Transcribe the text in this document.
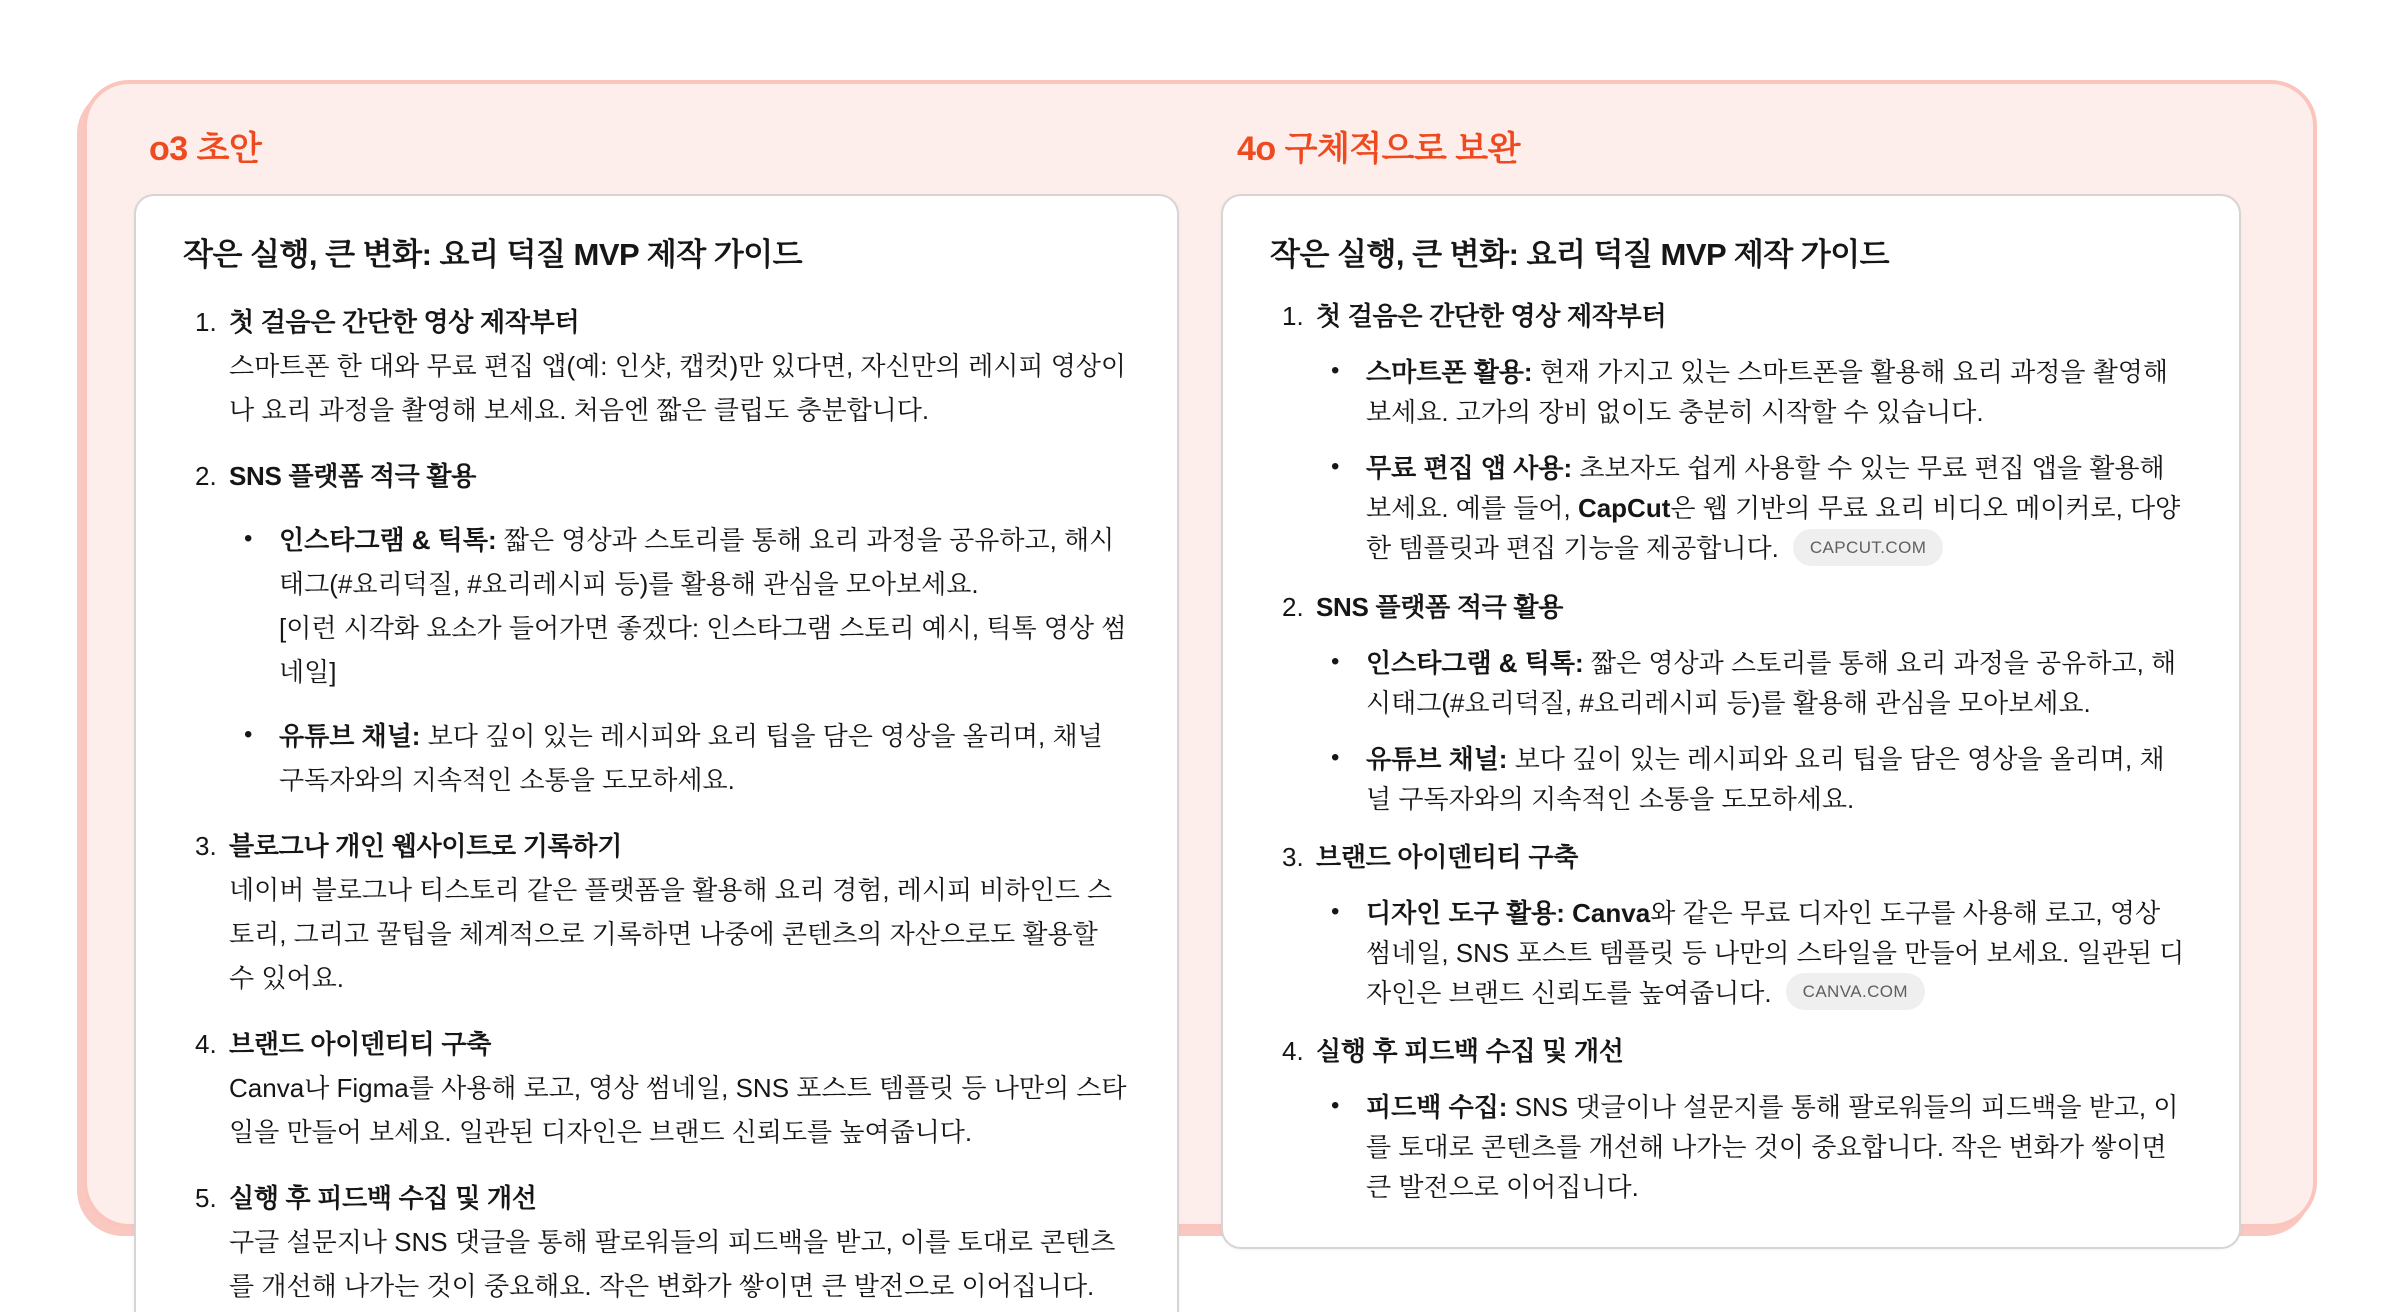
o3 초안	4o 구체적으로 보완
작은 실행, 큰 변화: 요리 덕질 MVP 제작 가이드
1. 첫 걸음은 간단한 영상 제작부터
스마트폰 한 대와 무료 편집 앱(예: 인샷, 캡컷)만 있다면, 자신만의 레시피 영상이나 요리 과정을 촬영해 보세요. 처음엔 짧은 클립도 충분합니다.
2. SNS 플랫폼 적극 활용
• 인스타그램 & 틱톡: 짧은 영상과 스토리를 통해 요리 과정을 공유하고, 해시태그(#요리덕질, #요리레시피 등)를 활용해 관심을 모아보세요.
[이런 시각화 요소가 들어가면 좋겠다: 인스타그램 스토리 예시, 틱톡 영상 썸네일]
• 유튜브 채널: 보다 깊이 있는 레시피와 요리 팁을 담은 영상을 올리며, 채널 구독자와의 지속적인 소통을 도모하세요.
3. 블로그나 개인 웹사이트로 기록하기
네이버 블로그나 티스토리 같은 플랫폼을 활용해 요리 경험, 레시피 비하인드 스토리, 그리고 꿀팁을 체계적으로 기록하면 나중에 콘텐츠의 자산으로도 활용할 수 있어요.
4. 브랜드 아이덴티티 구축
Canva나 Figma를 사용해 로고, 영상 썸네일, SNS 포스트 템플릿 등 나만의 스타일을 만들어 보세요. 일관된 디자인은 브랜드 신뢰도를 높여줍니다.
5. 실행 후 피드백 수집 및 개선
구글 설문지나 SNS 댓글을 통해 팔로워들의 피드백을 받고, 이를 토대로 콘텐츠를 개선해 나가는 것이 중요해요. 작은 변화가 쌓이면 큰 발전으로 이어집니다.
작은 실행, 큰 변화: 요리 덕질 MVP 제작 가이드
1. 첫 걸음은 간단한 영상 제작부터
• 스마트폰 활용: 현재 가지고 있는 스마트폰을 활용해 요리 과정을 촬영해보세요. 고가의 장비 없이도 충분히 시작할 수 있습니다.
• 무료 편집 앱 사용: 초보자도 쉽게 사용할 수 있는 무료 편집 앱을 활용해보세요. 예를 들어, CapCut은 웹 기반의 무료 요리 비디오 메이커로, 다양한 템플릿과 편집 기능을 제공합니다. CAPCUT.COM
2. SNS 플랫폼 적극 활용
• 인스타그램 & 틱톡: 짧은 영상과 스토리를 통해 요리 과정을 공유하고, 해시태그(#요리덕질, #요리레시피 등)를 활용해 관심을 모아보세요.
• 유튜브 채널: 보다 깊이 있는 레시피와 요리 팁을 담은 영상을 올리며, 채널 구독자와의 지속적인 소통을 도모하세요.
3. 브랜드 아이덴티티 구축
• 디자인 도구 활용: Canva와 같은 무료 디자인 도구를 사용해 로고, 영상 썸네일, SNS 포스트 템플릿 등 나만의 스타일을 만들어 보세요. 일관된 디자인은 브랜드 신뢰도를 높여줍니다. CANVA.COM
4. 실행 후 피드백 수집 및 개선
• 피드백 수집: SNS 댓글이나 설문지를 통해 팔로워들의 피드백을 받고, 이를 토대로 콘텐츠를 개선해 나가는 것이 중요합니다. 작은 변화가 쌓이면 큰 발전으로 이어집니다.
